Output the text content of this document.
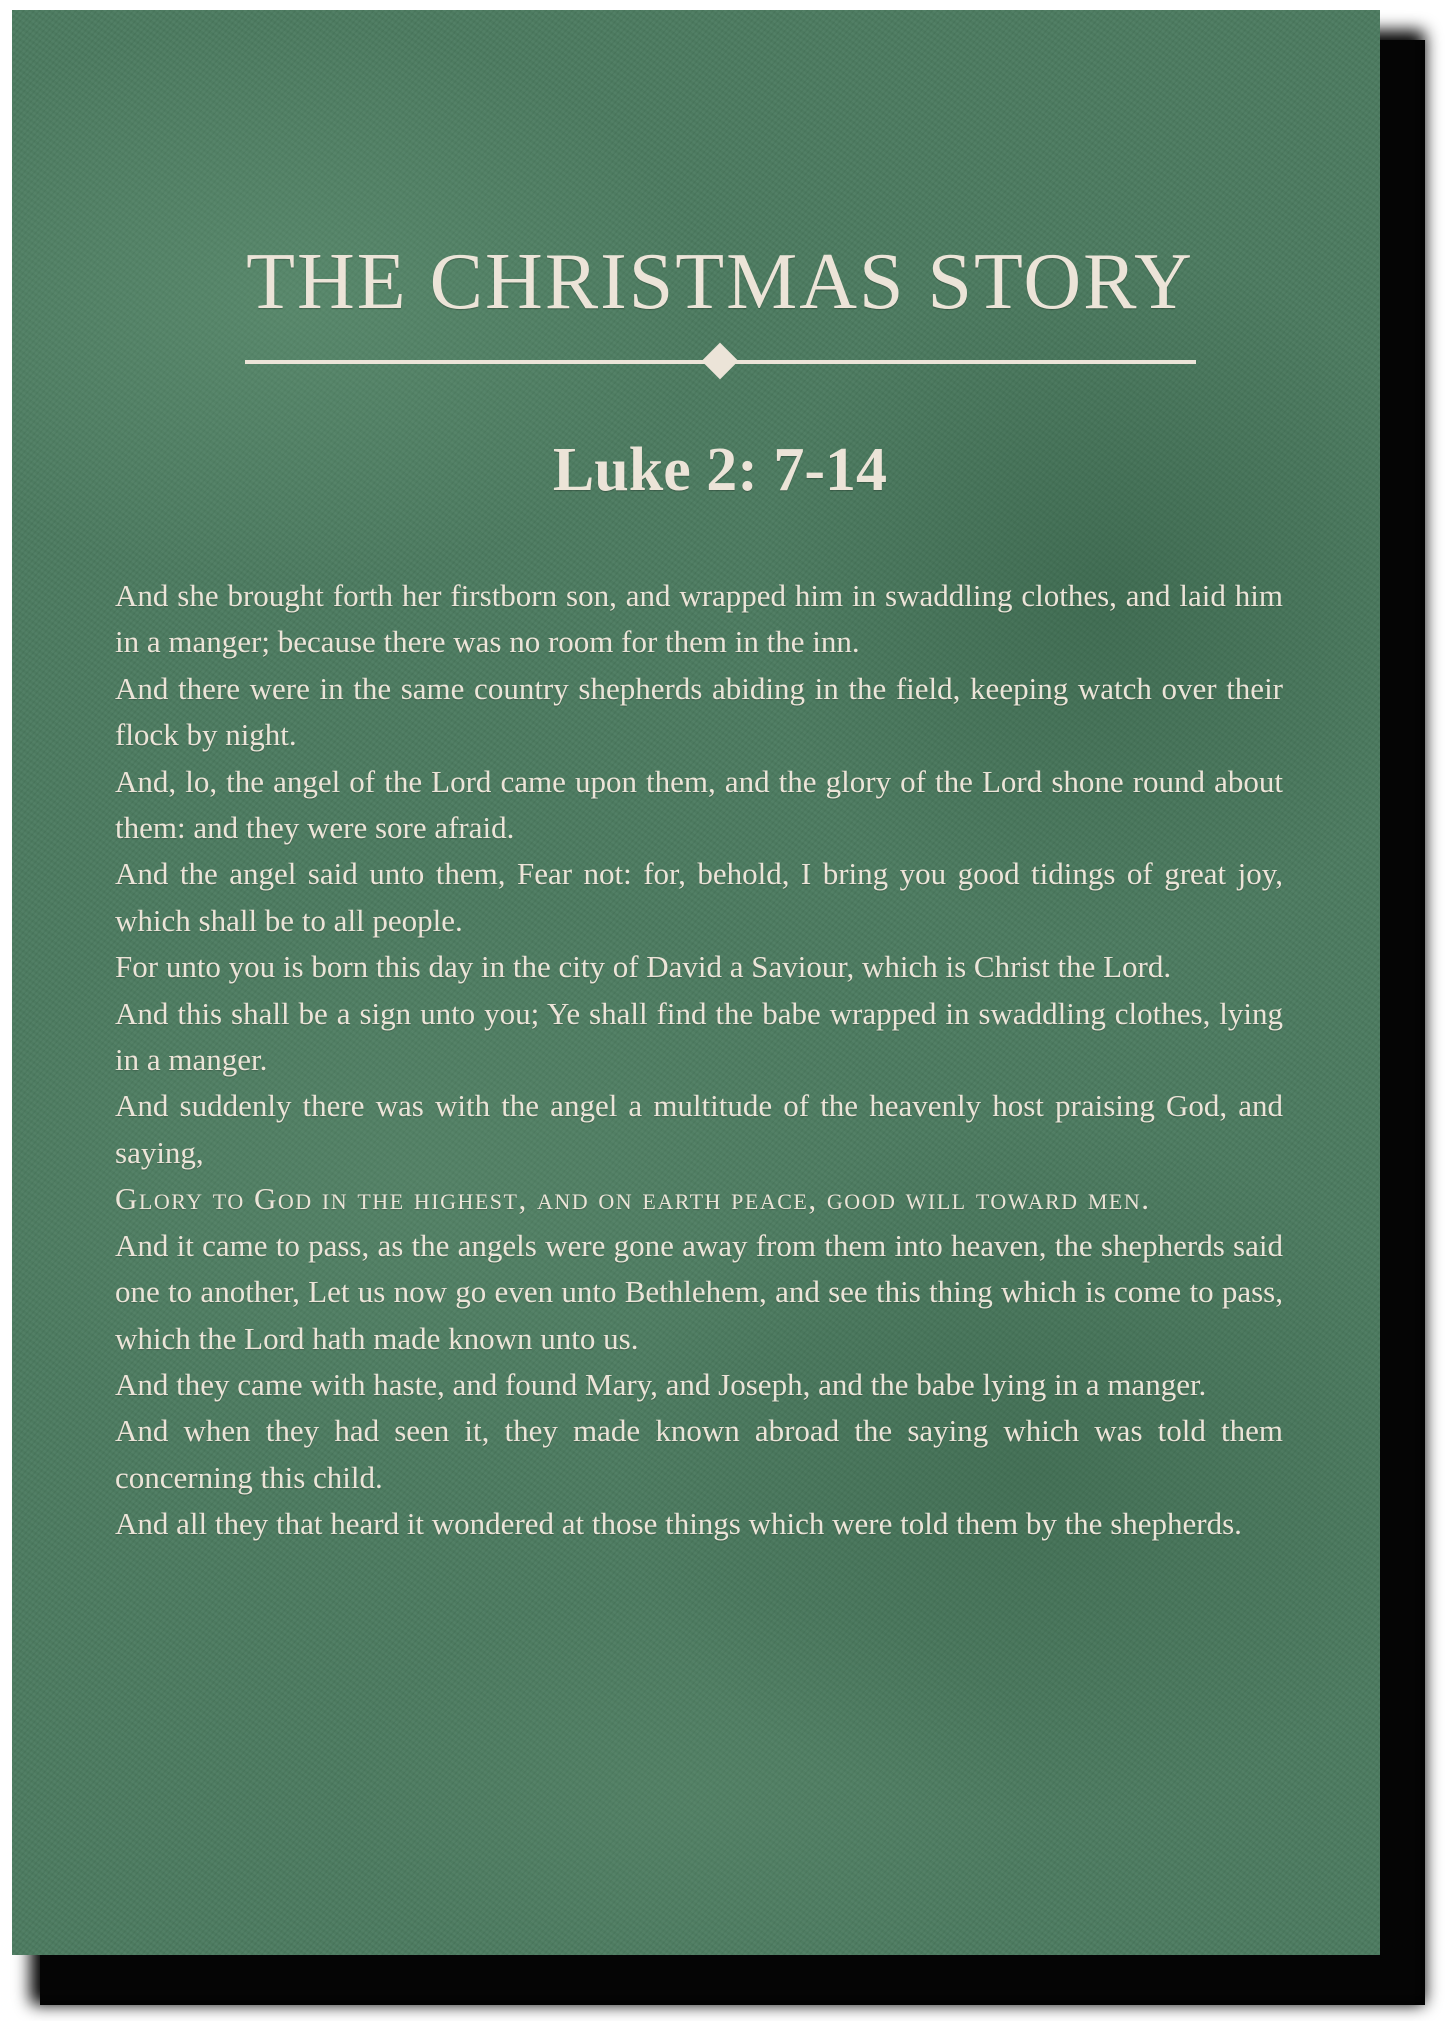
THE CHRISTMAS STORY
Luke 2: 7-14

And she brought forth her firstborn son, and wrapped him in swaddling clothes, and laid him in a manger; because there was no room for them in the inn.

And there were in the same country shepherds abiding in the field, keeping watch over their flock by night.

And, lo, the angel of the Lord came upon them, and the glory of the Lord shone round about them: and they were sore afraid.

And the angel said unto them, Fear not: for, behold, I bring you good tidings of great joy, which shall be to all people.

For unto you is born this day in the city of David a Saviour, which is Christ the Lord.

And this shall be a sign unto you; Ye shall find the babe wrapped in swaddling clothes, lying in a manger.

And suddenly there was with the angel a multitude of the heavenly host praising God, and saying,

Glory to God in the highest, and on earth peace, good will toward men.

And it came to pass, as the angels were gone away from them into heaven, the shepherds said one to another, Let us now go even unto Bethlehem, and see this thing which is come to pass, which the Lord hath made known unto us.

And they came with haste, and found Mary, and Joseph, and the babe lying in a manger.

And when they had seen it, they made known abroad the saying which was told them concerning this child.

And all they that heard it wondered at those things which were told them by the shepherds.
